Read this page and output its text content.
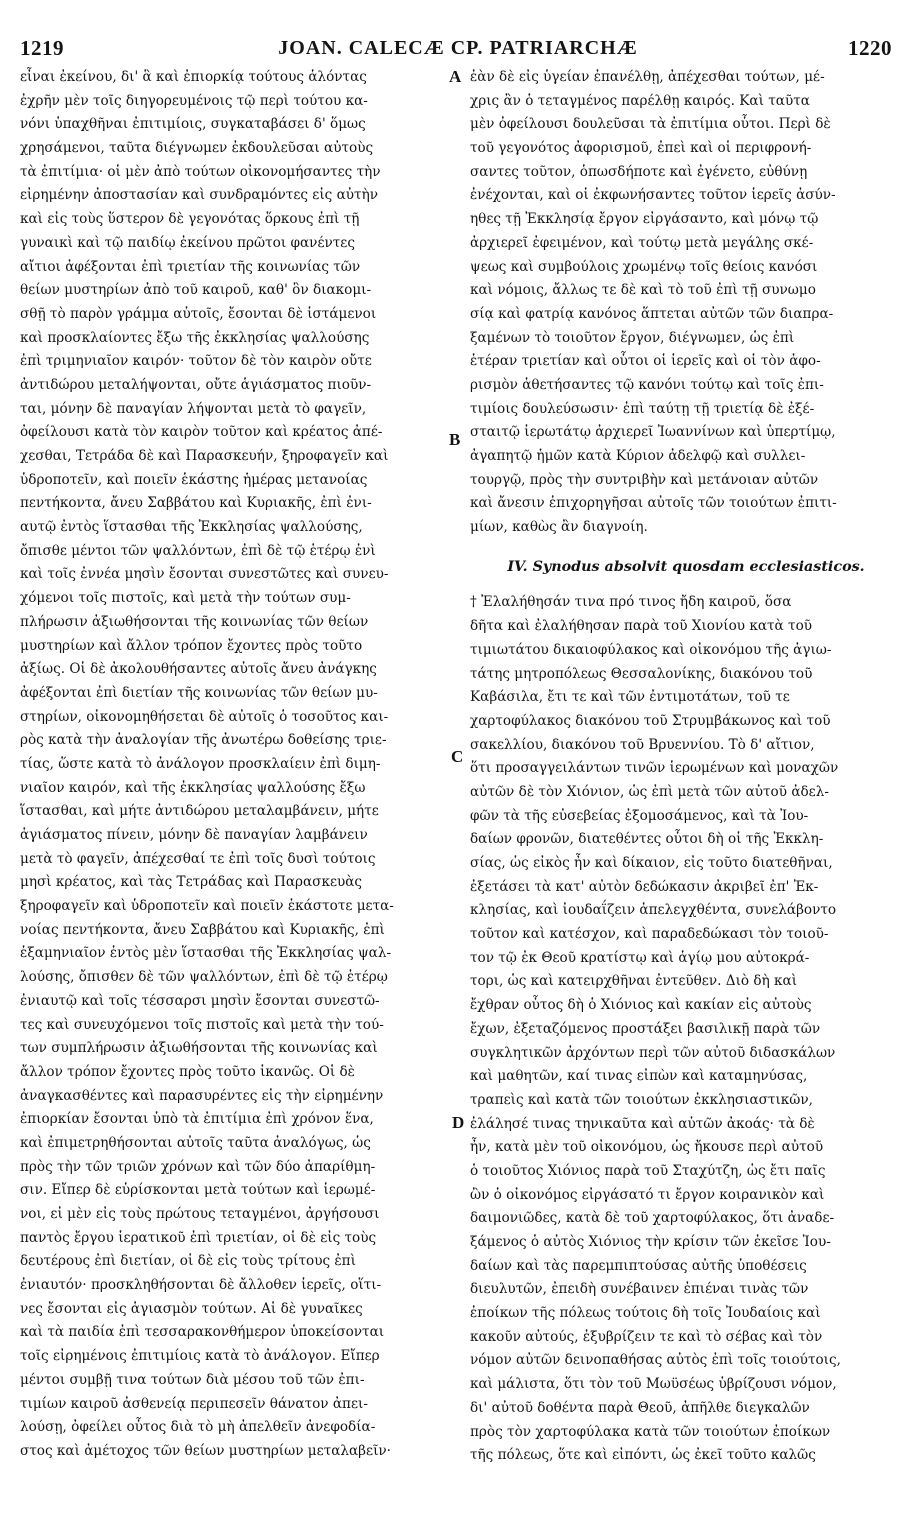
1219	JOAN. CALECÆ CP. PATRIARCHÆ	1220
εἶναι ἐκείνου, δι' ἃ καὶ ἐπιορκίᾳ τούτους ἁλόντας
ἐχρῆν μὲν τοῖς διηγορευμένοις τῷ περὶ τούτου κα-
νόνι ὑπαχθῆναι ἐπιτιμίοις, συγκαταβάσει δ' ὅμως
χρησάμενοι, ταῦτα διέγνωμεν ἐκδουλεῦσαι αὐτοὺς
τὰ ἐπιτίμια· οἱ μὲν ἀπὸ τούτων οἰκονομήσαντες τὴν
εἰρημένην ἀποστασίαν καὶ συνδραμόντες εἰς αὐτὴν
καὶ εἰς τοὺς ὕστερον δὲ γεγονότας ὅρκους ἐπὶ τῇ
γυναικὶ καὶ τῷ παιδίῳ ἐκείνου πρῶτοι φανέντες
αἴτιοι ἀφέξονται ἐπὶ τριετίαν τῆς κοινωνίας τῶν
θείων μυστηρίων ἀπὸ τοῦ καιροῦ, καθ' ὃν διακομι-
σθῇ τὸ παρὸν γράμμα αὐτοῖς, ἔσονται δὲ ἱστάμενοι
καὶ προσκλαίοντες ἔξω τῆς ἐκκλησίας ψαλλούσης
ἐπὶ τριμηνιαῖον καιρόν· τοῦτον δὲ τὸν καιρὸν οὔτε
ἀντιδώρου μεταλήψονται, οὔτε ἁγιάσματος πιοῦν-
ται, μόνην δὲ παναγίαν λήψονται μετὰ τὸ φαγεῖν,
ὀφείλουσι κατὰ τὸν καιρὸν τοῦτον καὶ κρέατος ἀπέ-
χεσθαι, Τετράδα δὲ καὶ Παρασκευήν, ξηροφαγεῖν καὶ
ὑδροποτεῖν, καὶ ποιεῖν ἑκάστης ἡμέρας μετανοίας
πεντήκοντα, ἄνευ Σαββάτου καὶ Κυριακῆς, ἐπὶ ἐνι-
αυτῷ ἐντὸς ἵστασθαι τῆς Ἐκκλησίας ψαλλούσης,
ὄπισθε μέντοι τῶν ψαλλόντων, ἐπὶ δὲ τῷ ἑτέρῳ ἐνὶ
καὶ τοῖς ἐννέα μησὶν ἔσονται συνεστῶτες καὶ συνευ-
χόμενοι τοῖς πιστοῖς, καὶ μετὰ τὴν τούτων συμ-
πλήρωσιν ἀξιωθήσονται τῆς κοινωνίας τῶν θείων
μυστηρίων καὶ ἄλλον τρόπον ἔχοντες πρὸς τοῦτο
ἀξίως. Οἱ δὲ ἀκολουθήσαντες αὐτοῖς ἄνευ ἀνάγκης
ἀφέξονται ἐπὶ διετίαν τῆς κοινωνίας τῶν θείων μυ-
στηρίων, οἰκονομηθήσεται δὲ αὐτοῖς ὁ τοσοῦτος και-
ρὸς κατὰ τὴν ἀναλογίαν τῆς ἀνωτέρω δοθείσης τριε-
τίας, ὥστε κατὰ τὸ ἀνάλογον προσκλαίειν ἐπὶ διμη-
νιαῖον καιρόν, καὶ τῆς ἐκκλησίας ψαλλούσης ἔξω
ἵστασθαι, καὶ μήτε ἀντιδώρου μεταλαμβάνειν, μήτε
ἁγιάσματος πίνειν, μόνην δὲ παναγίαν λαμβάνειν
μετὰ τὸ φαγεῖν, ἀπέχεσθαί τε ἐπὶ τοῖς δυσὶ τούτοις
μησὶ κρέατος, καὶ τὰς Τετράδας καὶ Παρασκευὰς
ξηροφαγεῖν καὶ ὑδροποτεῖν καὶ ποιεῖν ἑκάστοτε μετα-
νοίας πεντήκοντα, ἄνευ Σαββάτου καὶ Κυριακῆς, ἐπὶ
ἑξαμηνιαῖον ἐντὸς μὲν ἵστασθαι τῆς Ἐκκλησίας ψαλ-
λούσης, ὄπισθεν δὲ τῶν ψαλλόντων, ἐπὶ δὲ τῷ ἑτέρῳ
ἐνιαυτῷ καὶ τοῖς τέσσαρσι μησὶν ἔσονται συνεστῶ-
τες καὶ συνευχόμενοι τοῖς πιστοῖς καὶ μετὰ τὴν τού-
των συμπλήρωσιν ἀξιωθήσονται τῆς κοινωνίας καὶ
ἄλλον τρόπον ἔχοντες πρὸς τοῦτο ἱκανῶς. Οἱ δὲ
ἀναγκασθέντες καὶ παρασυρέντες εἰς τὴν εἰρημένην
ἐπιορκίαν ἔσονται ὑπὸ τὰ ἐπιτίμια ἐπὶ χρόνον ἕνα,
καὶ ἐπιμετρηθήσονται αὐτοῖς ταῦτα ἀναλόγως, ὡς
πρὸς τὴν τῶν τριῶν χρόνων καὶ τῶν δύο ἀπαρίθμη-
σιν. Εἴπερ δὲ εὑρίσκονται μετὰ τούτων καὶ ἱερωμέ-
νοι, εἰ μὲν εἰς τοὺς πρώτους τεταγμένοι, ἀργήσουσι
παντὸς ἔργου ἱερατικοῦ ἐπὶ τριετίαν, οἱ δὲ εἰς τοὺς
δευτέρους ἐπὶ διετίαν, οἱ δὲ εἰς τοὺς τρίτους ἐπὶ
ἐνιαυτόν· προσκληθήσονται δὲ ἄλλοθεν ἱερεῖς, οἵτι-
νες ἔσονται εἰς ἁγιασμὸν τούτων. Αἱ δὲ γυναῖκες
καὶ τὰ παιδία ἐπὶ τεσσαρακονθήμερον ὑποκείσονται
τοῖς εἰρημένοις ἐπιτιμίοις κατὰ τὸ ἀνάλογον. Εἴπερ
μέντοι συμβῇ τινα τούτων διὰ μέσου τοῦ τῶν ἐπι-
τιμίων καιροῦ ἀσθενείᾳ περιπεσεῖν θάνατον ἀπει-
λούσῃ, ὀφείλει οὗτος διὰ τὸ μὴ ἀπελθεῖν ἀνεφοδία-
στος καὶ ἀμέτοχος τῶν θείων μυστηρίων μεταλαβεῖν·
ἐὰν δὲ εἰς ὑγείαν ἐπανέλθῃ, ἀπέχεσθαι τούτων, μέ-
χρις ἂν ὁ τεταγμένος παρέλθῃ καιρός. Καὶ ταῦτα
μὲν ὀφείλουσι δουλεῦσαι τὰ ἐπιτίμια οὗτοι. Περὶ δὲ
τοῦ γεγονότος ἀφορισμοῦ, ἐπεὶ καὶ οἱ περιφρονή-
σαντες τοῦτον, ὁπωσδήποτε καὶ ἐγένετο, εὐθύνῃ
ἐνέχονται, καὶ οἱ ἐκφωνήσαντες τοῦτον ἱερεῖς ἀσύν-
ηθες τῇ Ἐκκλησίᾳ ἔργον εἰργάσαντο, καὶ μόνῳ τῷ
ἀρχιερεῖ ἐφειμένον, καὶ τούτῳ μετὰ μεγάλης σκέ-
ψεως καὶ συμβούλοις χρωμένῳ τοῖς θείοις κανόσι
καὶ νόμοις, ἄλλως τε δὲ καὶ τὸ τοῦ ἐπὶ τῇ συνωμο
σίᾳ καὶ φατρίᾳ κανόνος ἅπτεται αὐτῶν τῶν διαπρα-
ξαμένων τὸ τοιοῦτον ἔργον, διέγνωμεν, ὡς ἐπὶ
ἑτέραν τριετίαν καὶ οὗτοι οἱ ἱερεῖς καὶ οἱ τὸν ἀφο-
ρισμὸν ἀθετήσαντες τῷ κανόνι τούτῳ καὶ τοῖς ἐπι-
τιμίοις δουλεύσωσιν· ἐπὶ ταύτῃ τῇ τριετίᾳ δὲ ἐξέ-
σταιτῷ ἱερωτάτῳ ἀρχιερεῖ Ἰωαννίνων καὶ ὑπερτίμῳ,
ἀγαπητῷ ἡμῶν κατὰ Κύριον ἀδελφῷ καὶ συλλει-
τουργῷ, πρὸς τὴν συντριβὴν καὶ μετάνοιαν αὐτῶν
καὶ ἄνεσιν ἐπιχορηγῆσαι αὐτοῖς τῶν τοιούτων ἐπιτι-
μίων, καθὼς ἂν διαγνοίη.
IV. Synodus absolvit quosdam ecclesiasticos.
† Ἐλαλήθησάν τινα πρό τινος ἤδη καιροῦ, ὅσα
δῆτα καὶ ἐλαλήθησαν παρὰ τοῦ Χιονίου κατὰ τοῦ
τιμιωτάτου δικαιοφύλακος καὶ οἰκονόμου τῆς ἁγιω-
τάτης μητροπόλεως Θεσσαλονίκης, διακόνου τοῦ
Καβάσιλα, ἔτι τε καὶ τῶν ἐντιμοτάτων, τοῦ τε
χαρτοφύλακος διακόνου τοῦ Στρυμβάκωνος καὶ τοῦ
σακελλίου, διακόνου τοῦ Βρυεννίου. Τὸ δ' αἴτιον,
ὅτι προσαγγειλάντων τινῶν ἱερωμένων καὶ μοναχῶν
αὐτῶν δὲ τὸν Χιόνιον, ὡς ἐπὶ μετὰ τῶν αὐτοῦ ἀδελ-
φῶν τὰ τῆς εὐσεβείας ἐξομοσάμενος, καὶ τὰ Ἰου-
δαίων φρονῶν, διατεθέντες οὗτοι δὴ οἱ τῆς Ἐκκλη-
σίας, ὡς εἰκὸς ἦν καὶ δίκαιον, εἰς τοῦτο διατεθῆναι,
ἐξετάσει τὰ κατ' αὐτὸν δεδώκασιν ἀκριβεῖ ἐπ' Ἐκ-
κλησίας, καὶ ἰουδαΐζειν ἀπελεγχθέντα, συνελάβοντο
τοῦτον καὶ κατέσχον, καὶ παραδεδώκασι τὸν τοιοῦ-
τον τῷ ἐκ Θεοῦ κρατίστῳ καὶ ἁγίῳ μου αὐτοκρά-
τορι, ὡς καὶ κατειρχθῆναι ἐντεῦθεν. Διὸ δὴ καὶ
ἔχθραν οὗτος δὴ ὁ Χιόνιος καὶ κακίαν εἰς αὐτοὺς
ἔχων, ἐξεταζόμενος προστάξει βασιλικῇ παρὰ τῶν
συγκλητικῶν ἀρχόντων περὶ τῶν αὐτοῦ διδασκάλων
καὶ μαθητῶν, καί τινας εἰπὼν καὶ καταμηνύσας,
τραπεὶς καὶ κατὰ τῶν τοιούτων ἐκκλησιαστικῶν,
ἐλάλησέ τινας τηνικαῦτα καὶ αὐτῶν ἀκοάς· τὰ δὲ
ἦν, κατὰ μὲν τοῦ οἰκονόμου, ὡς ἤκουσε περὶ αὐτοῦ
ὁ τοιοῦτος Χιόνιος παρὰ τοῦ Σταχύτζη, ὡς ἔτι παῖς
ὢν ὁ οἰκονόμος εἰργάσατό τι ἔργον κοιρανικὸν καὶ
δαιμονιῶδες, κατὰ δὲ τοῦ χαρτοφύλακος, ὅτι ἀναδε-
ξάμενος ὁ αὐτὸς Χιόνιος τὴν κρίσιν τῶν ἐκεῖσε Ἰου-
δαίων καὶ τὰς παρεμπιπτούσας αὐτῆς ὑποθέσεις
διευλυτῶν, ἐπειδὴ συνέβαινεν ἐπιέναι τινὰς τῶν
ἐποίκων τῆς πόλεως τούτοις δὴ τοῖς Ἰουδαίοις καὶ
κακοῦν αὐτούς, ἐξυβρίζειν τε καὶ τὸ σέβας καὶ τὸν
νόμον αὐτῶν δεινοπαθήσας αὐτὸς ἐπὶ τοῖς τοιούτοις,
καὶ μάλιστα, ὅτι τὸν τοῦ Μωϋσέως ὑβρίζουσι νόμον,
δι' αὐτοῦ δοθέντα παρὰ Θεοῦ, ἀπῆλθε διεγκαλῶν
πρὸς τὸν χαρτοφύλακα κατὰ τῶν τοιούτων ἐποίκων
τῆς πόλεως, ὅτε καὶ εἰπόντι, ὡς ἐκεῖ τοῦτο καλῶς
A
B
C
D
